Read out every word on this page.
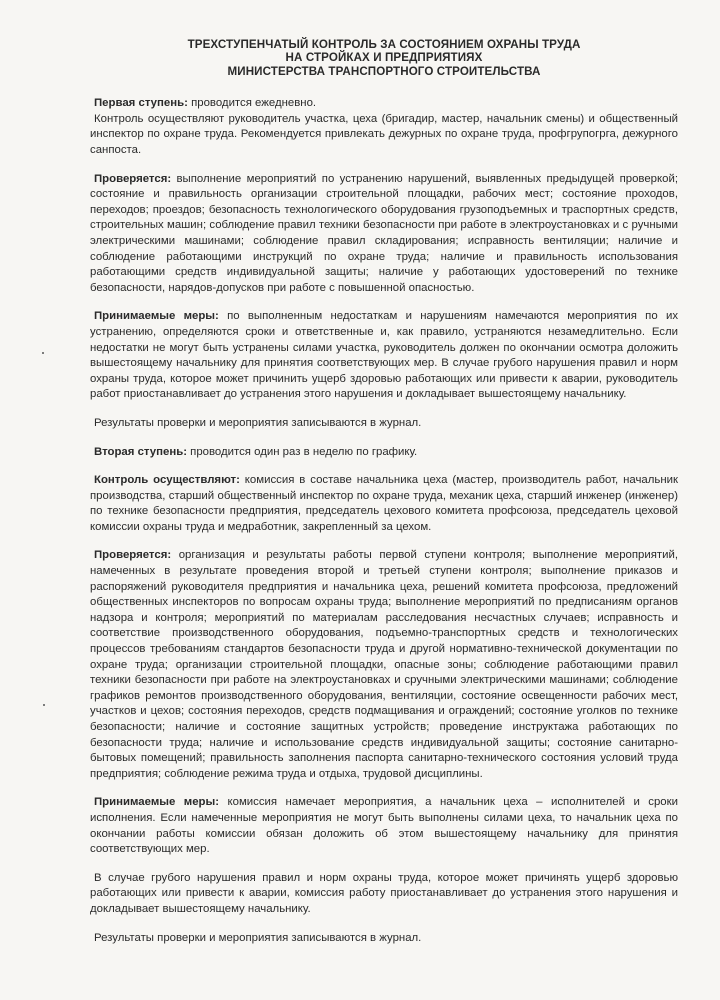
ТРЕХСТУПЕНЧАТЫЙ КОНТРОЛЬ ЗА СОСТОЯНИЕМ ОХРАНЫ ТРУДА
НА СТРОЙКАХ И ПРЕДПРИЯТИЯХ
МИНИСТЕРСТВА ТРАНСПОРТНОГО СТРОИТЕЛЬСТВА

Первая ступень: проводится ежедневно.

Контроль осуществляют руководитель участка, цеха (бригадир, мастер, начальник смены) и общественный инспектор по охране труда. Рекомендуется привлекать дежурных по охране труда, профгрупогрга, дежурного санпоста.

Проверяется: выполнение мероприятий по устранению нарушений, выявленных предыдущей проверкой; состояние и правильность организации строительной площадки, рабочих мест; состояние проходов, переходов; проездов; безопасность технологического оборудования грузоподъемных и траспортных средств, строительных машин; соблюдение правил техники безопасности при работе в электроустановках и с ручными электрическими машинами; соблюдение правил складирования; исправность вентиляции; наличие и соблюдение работающими инструкций по охране труда; наличие и правильность использования работающими средств индивидуальной защиты; наличие у работающих удостоверений по технике безопасности, нарядов-допусков при работе с повышенной опасностью.

Принимаемые меры: по выполненным недостаткам и нарушениям намечаются мероприятия по их устранению, определяются сроки и ответственные и, как правило, устраняются незамедлительно. Если недостатки не могут быть устранены силами участка, руководитель должен по окончании осмотра доложить вышестоящему начальнику для принятия соответствующих мер. В случае грубого нарушения правил и норм охраны труда, которое может причинить ущерб здоровью работающих или привести к аварии, руководитель работ приостанавливает до устранения этого нарушения и докладывает вышестоящему начальнику.

Результаты проверки и мероприятия записываются в журнал.

Вторая ступень: проводится один раз в неделю по графику.

Контроль осуществляют: комиссия в составе начальника цеха (мастер, производитель работ, начальник производства, старший общественный инспектор по охране труда, механик цеха, старший инженер (инженер) по технике безопасности предприятия, председатель цехового комитета профсоюза, председатель цеховой комиссии охраны труда и медработник, закрепленный за цехом.

Проверяется: организация и результаты работы первой ступени контроля; выполнение мероприятий, намеченных в результате проведения второй и третьей ступени контроля; выполнение приказов и распоряжений руководителя предприятия и начальника цеха, решений комитета профсоюза, предложений общественных инспекторов по вопросам охраны труда; выполнение мероприятий по предписаниям органов надзора и контроля; мероприятий по материалам расследования несчастных случаев; исправность и соответствие производственного оборудования, подъемно-транспортных средств и технологических процессов требованиям стандартов безопасности труда и другой нормативно-технической документации по охране труда; организации строительной площадки, опасные зоны; соблюдение работающими правил техники безопасности при работе на электроустановках и сручными электрическими машинами; соблюдение графиков ремонтов производственного оборудования, вентиляции, состояние освещенности рабочих мест, участков и цехов; состояния переходов, средств подмащивания и ограждений; состояние уголков по технике безопасности; наличие и состояние защитных устройств; проведение инструктажа работающих по безопасности труда; наличие и использование средств индивидуальной защиты; состояние санитарно-бытовых помещений; правильность заполнения паспорта санитарно-технического состояния условий труда предприятия; соблюдение режима труда и отдыха, трудовой дисциплины.

Принимаемые меры: комиссия намечает мероприятия, а начальник цеха – исполнителей и сроки исполнения. Если намеченные мероприятия не могут быть выполнены силами цеха, то начальник цеха по окончании работы комиссии обязан доложить об этом вышестоящему начальнику для принятия соответствующих мер.

В случае грубого нарушения правил и норм охраны труда, которое может причинять ущерб здоровью работающих или привести к аварии, комиссия работу приостанавливает до устранения этого нарушения и докладывает вышестоящему начальнику.

Результаты проверки и мероприятия записываются в журнал.
